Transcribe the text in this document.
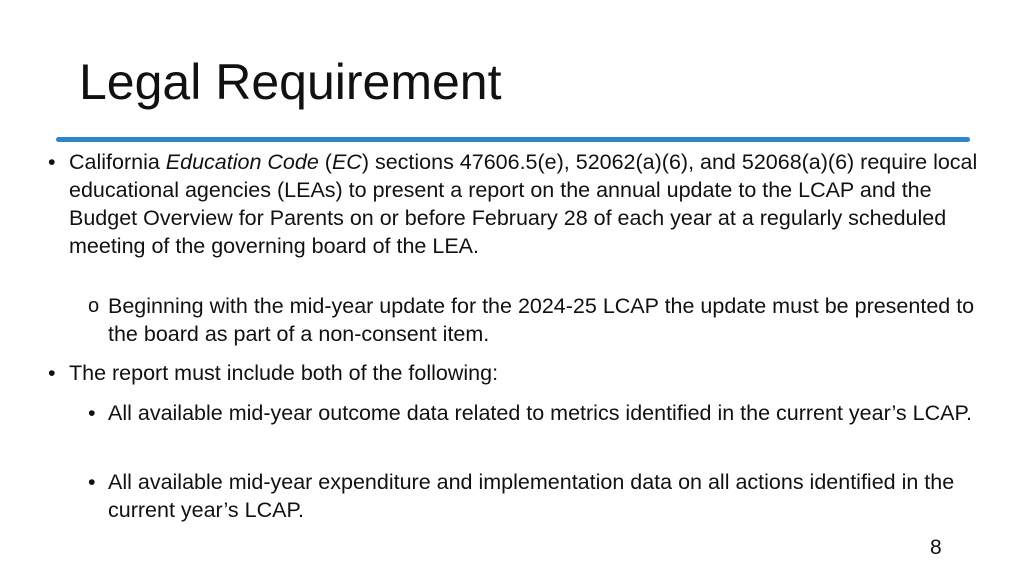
Legal Requirement
• California Education Code (EC) sections 47606.5(e), 52062(a)(6), and 52068(a)(6) require local educational agencies (LEAs) to present a report on the annual update to the LCAP and the Budget Overview for Parents on or before February 28 of each year at a regularly scheduled meeting of the governing board of the LEA.
o Beginning with the mid-year update for the 2024-25 LCAP the update must be presented to the board as part of a non-consent item.
• The report must include both of the following:
• All available mid-year outcome data related to metrics identified in the current year’s LCAP.
• All available mid-year expenditure and implementation data on all actions identified in the current year’s LCAP.
8
